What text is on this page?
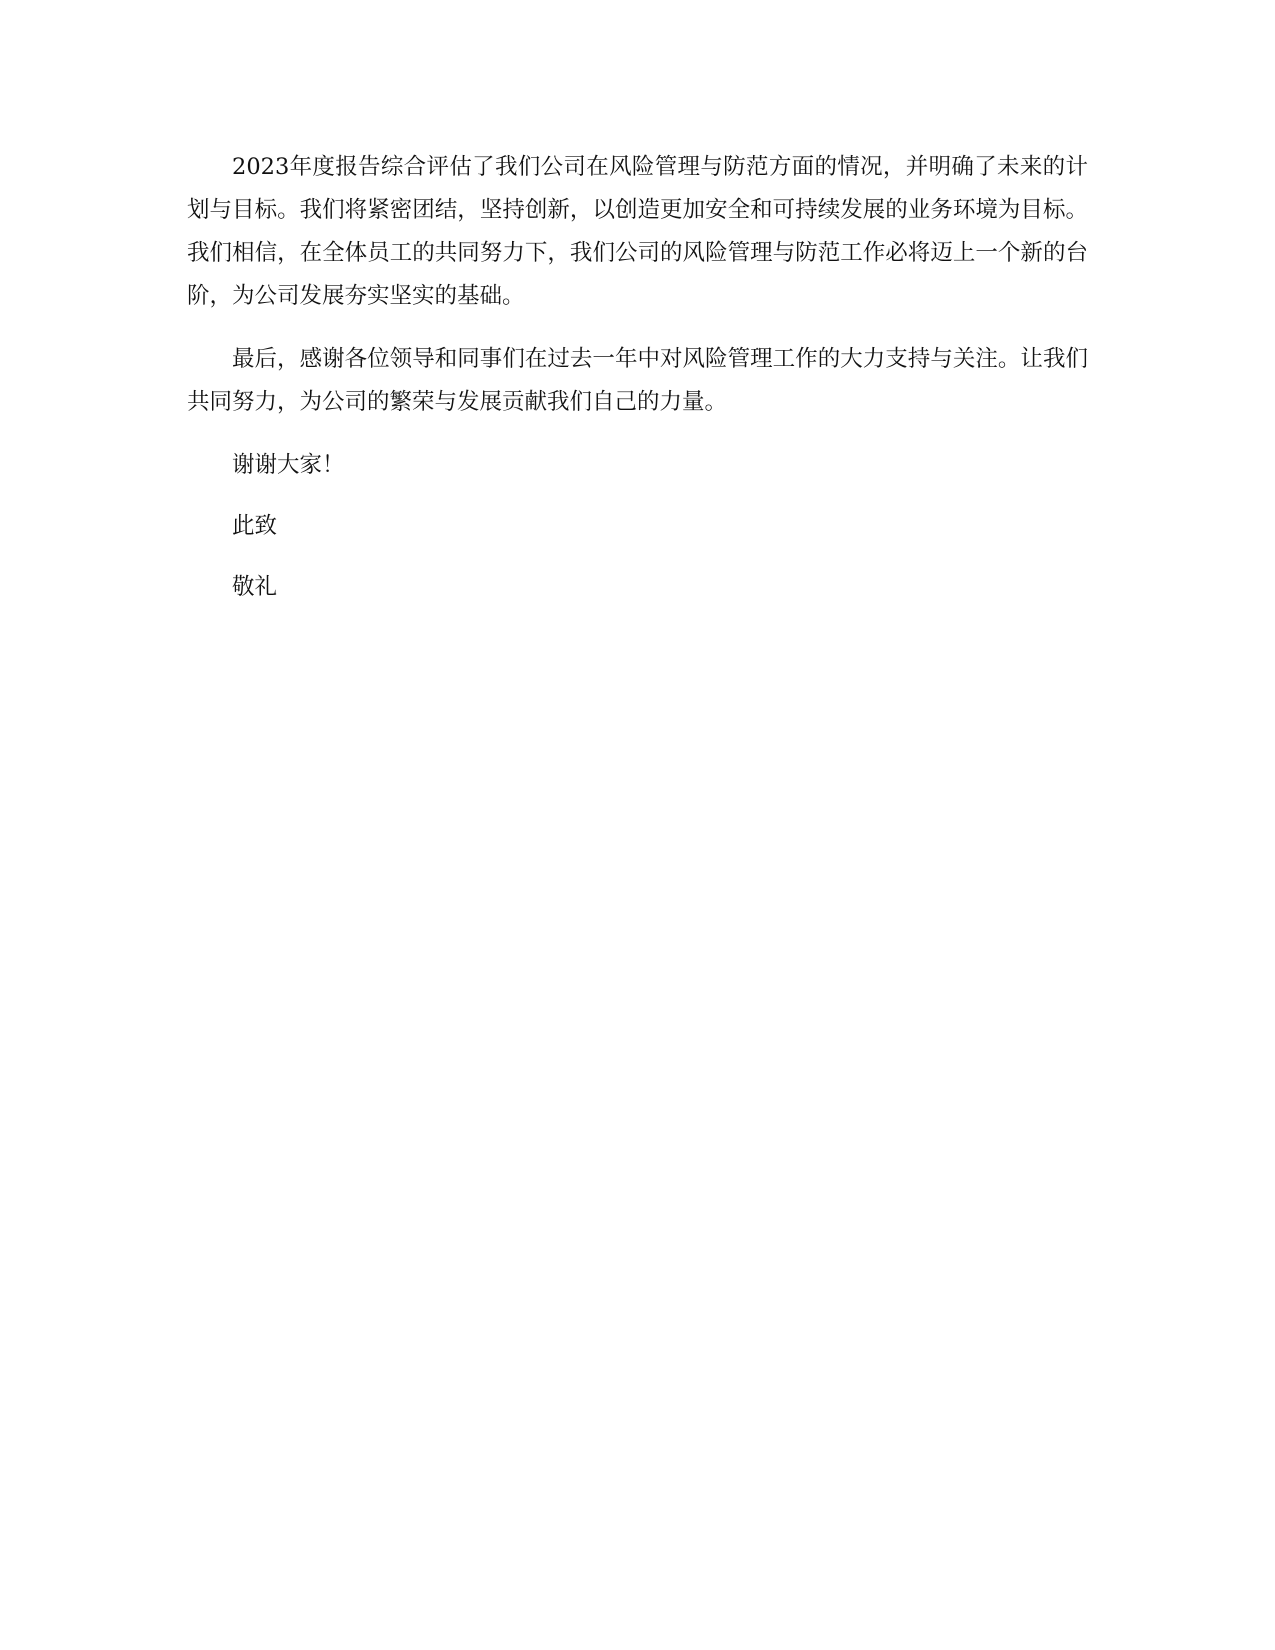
2023年度报告综合评估了我们公司在风险管理与防范方面的情况，并明确了未来的计划与目标。我们将紧密团结，坚持创新，以创造更加安全和可持续发展的业务环境为目标。我们相信，在全体员工的共同努力下，我们公司的风险管理与防范工作必将迈上一个新的台阶，为公司发展夯实坚实的基础。

最后，感谢各位领导和同事们在过去一年中对风险管理工作的大力支持与关注。让我们共同努力，为公司的繁荣与发展贡献我们自己的力量。

谢谢大家！

此致

敬礼
